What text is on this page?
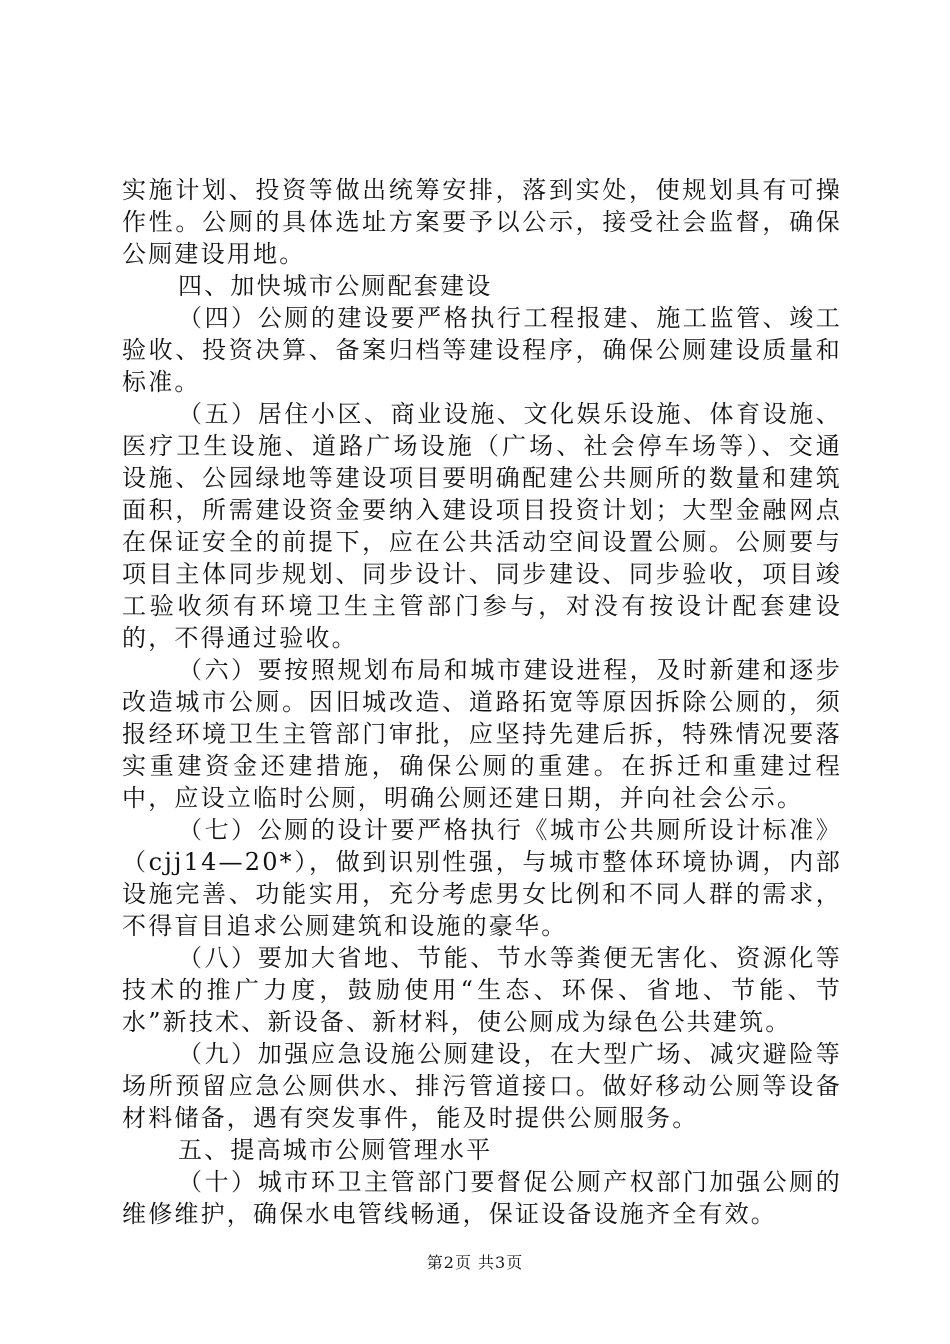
实施计划、投资等做出统筹安排，落到实处，使规划具有可操作性。公厕的具体选址方案要予以公示，接受社会监督，确保公厕建设用地。

四、加快城市公厕配套建设

（四）公厕的建设要严格执行工程报建、施工监管、竣工验收、投资决算、备案归档等建设程序，确保公厕建设质量和标准。

（五）居住小区、商业设施、文化娱乐设施、体育设施、医疗卫生设施、道路广场设施（广场、社会停车场等）、交通设施、公园绿地等建设项目要明确配建公共厕所的数量和建筑面积，所需建设资金要纳入建设项目投资计划；大型金融网点在保证安全的前提下，应在公共活动空间设置公厕。公厕要与项目主体同步规划、同步设计、同步建设、同步验收，项目竣工验收须有环境卫生主管部门参与，对没有按设计配套建设的，不得通过验收。

（六）要按照规划布局和城市建设进程，及时新建和逐步改造城市公厕。因旧城改造、道路拓宽等原因拆除公厕的，须报经环境卫生主管部门审批，应坚持先建后拆，特殊情况要落实重建资金还建措施，确保公厕的重建。在拆迁和重建过程中，应设立临时公厕，明确公厕还建日期，并向社会公示。

（七）公厕的设计要严格执行《城市公共厕所设计标准》（cjj14—20*），做到识别性强，与城市整体环境协调，内部设施完善、功能实用，充分考虑男女比例和不同人群的需求，不得盲目追求公厕建筑和设施的豪华。

（八）要加大省地、节能、节水等粪便无害化、资源化等技术的推广力度，鼓励使用“生态、环保、省地、节能、节水”新技术、新设备、新材料，使公厕成为绿色公共建筑。

（九）加强应急设施公厕建设，在大型广场、减灾避险等场所预留应急公厕供水、排污管道接口。做好移动公厕等设备材料储备，遇有突发事件，能及时提供公厕服务。

五、提高城市公厕管理水平

（十）城市环卫主管部门要督促公厕产权部门加强公厕的维修维护，确保水电管线畅通，保证设备设施齐全有效。

第2页 共3页
